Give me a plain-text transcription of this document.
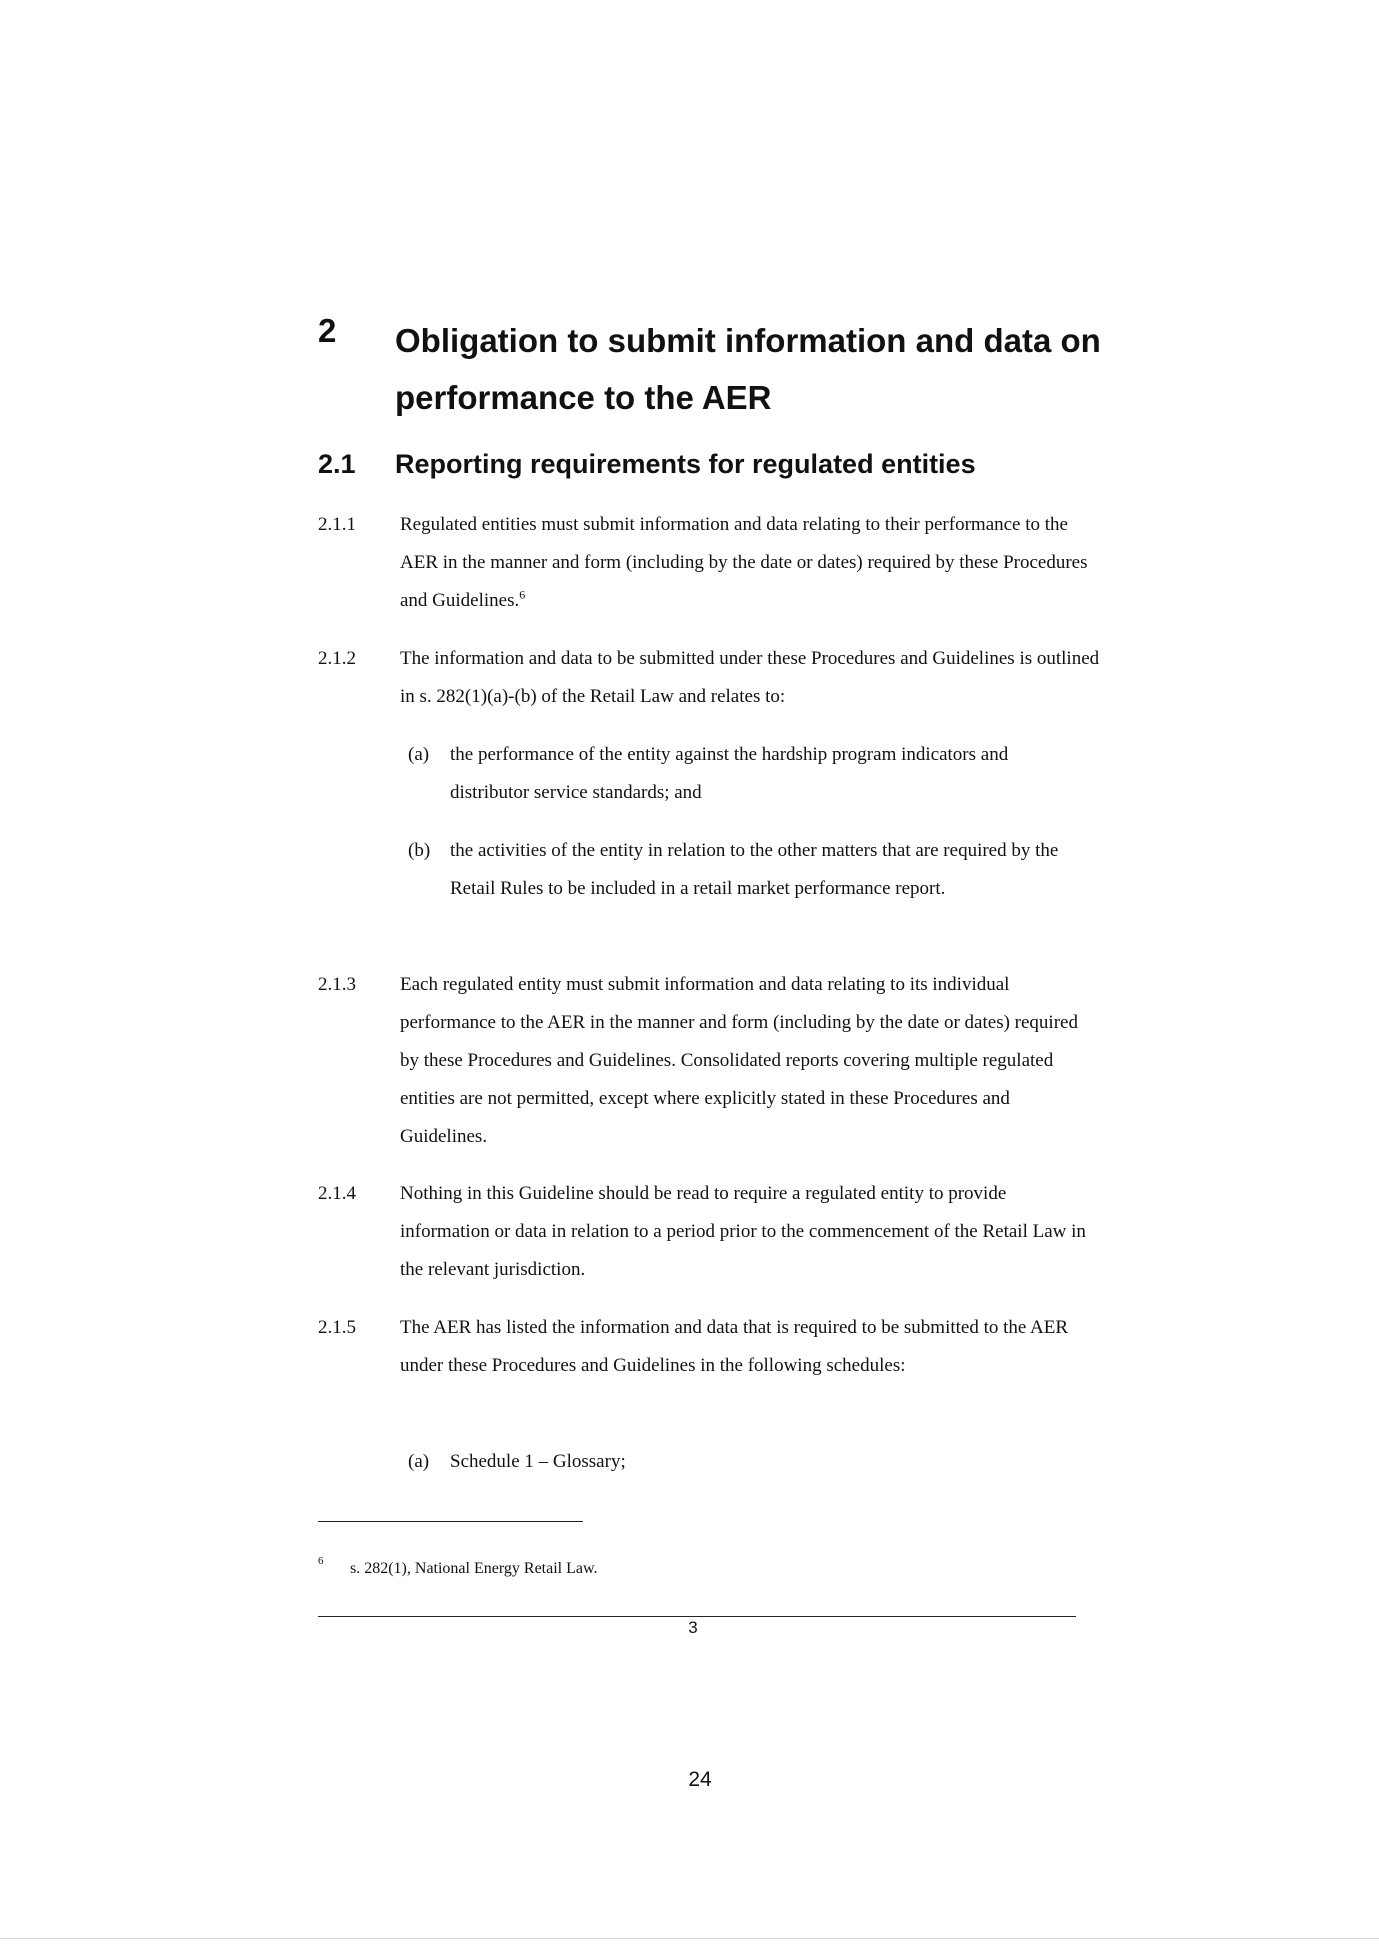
2 Obligation to submit information and data on performance to the AER
2.1 Reporting requirements for regulated entities
2.1.1	Regulated entities must submit information and data relating to their performance to the AER in the manner and form (including by the date or dates) required by these Procedures and Guidelines.$^6$
2.1.2	The information and data to be submitted under these Procedures and Guidelines is outlined in s. 282(1)(a)-(b) of the Retail Law and relates to:
(a)	the performance of the entity against the hardship program indicators and distributor service standards; and
(b)	the activities of the entity in relation to the other matters that are required by the Retail Rules to be included in a retail market performance report.
2.1.3	Each regulated entity must submit information and data relating to its individual performance to the AER in the manner and form (including by the date or dates) required by these Procedures and Guidelines. Consolidated reports covering multiple regulated entities are not permitted, except where explicitly stated in these Procedures and Guidelines.
2.1.4	Nothing in this Guideline should be read to require a regulated entity to provide information or data in relation to a period prior to the commencement of the Retail Law in the relevant jurisdiction.
2.1.5	The AER has listed the information and data that is required to be submitted to the AER under these Procedures and Guidelines in the following schedules:
(a)	Schedule 1 – Glossary;
6 s. 282(1), National Energy Retail Law.
3
24
